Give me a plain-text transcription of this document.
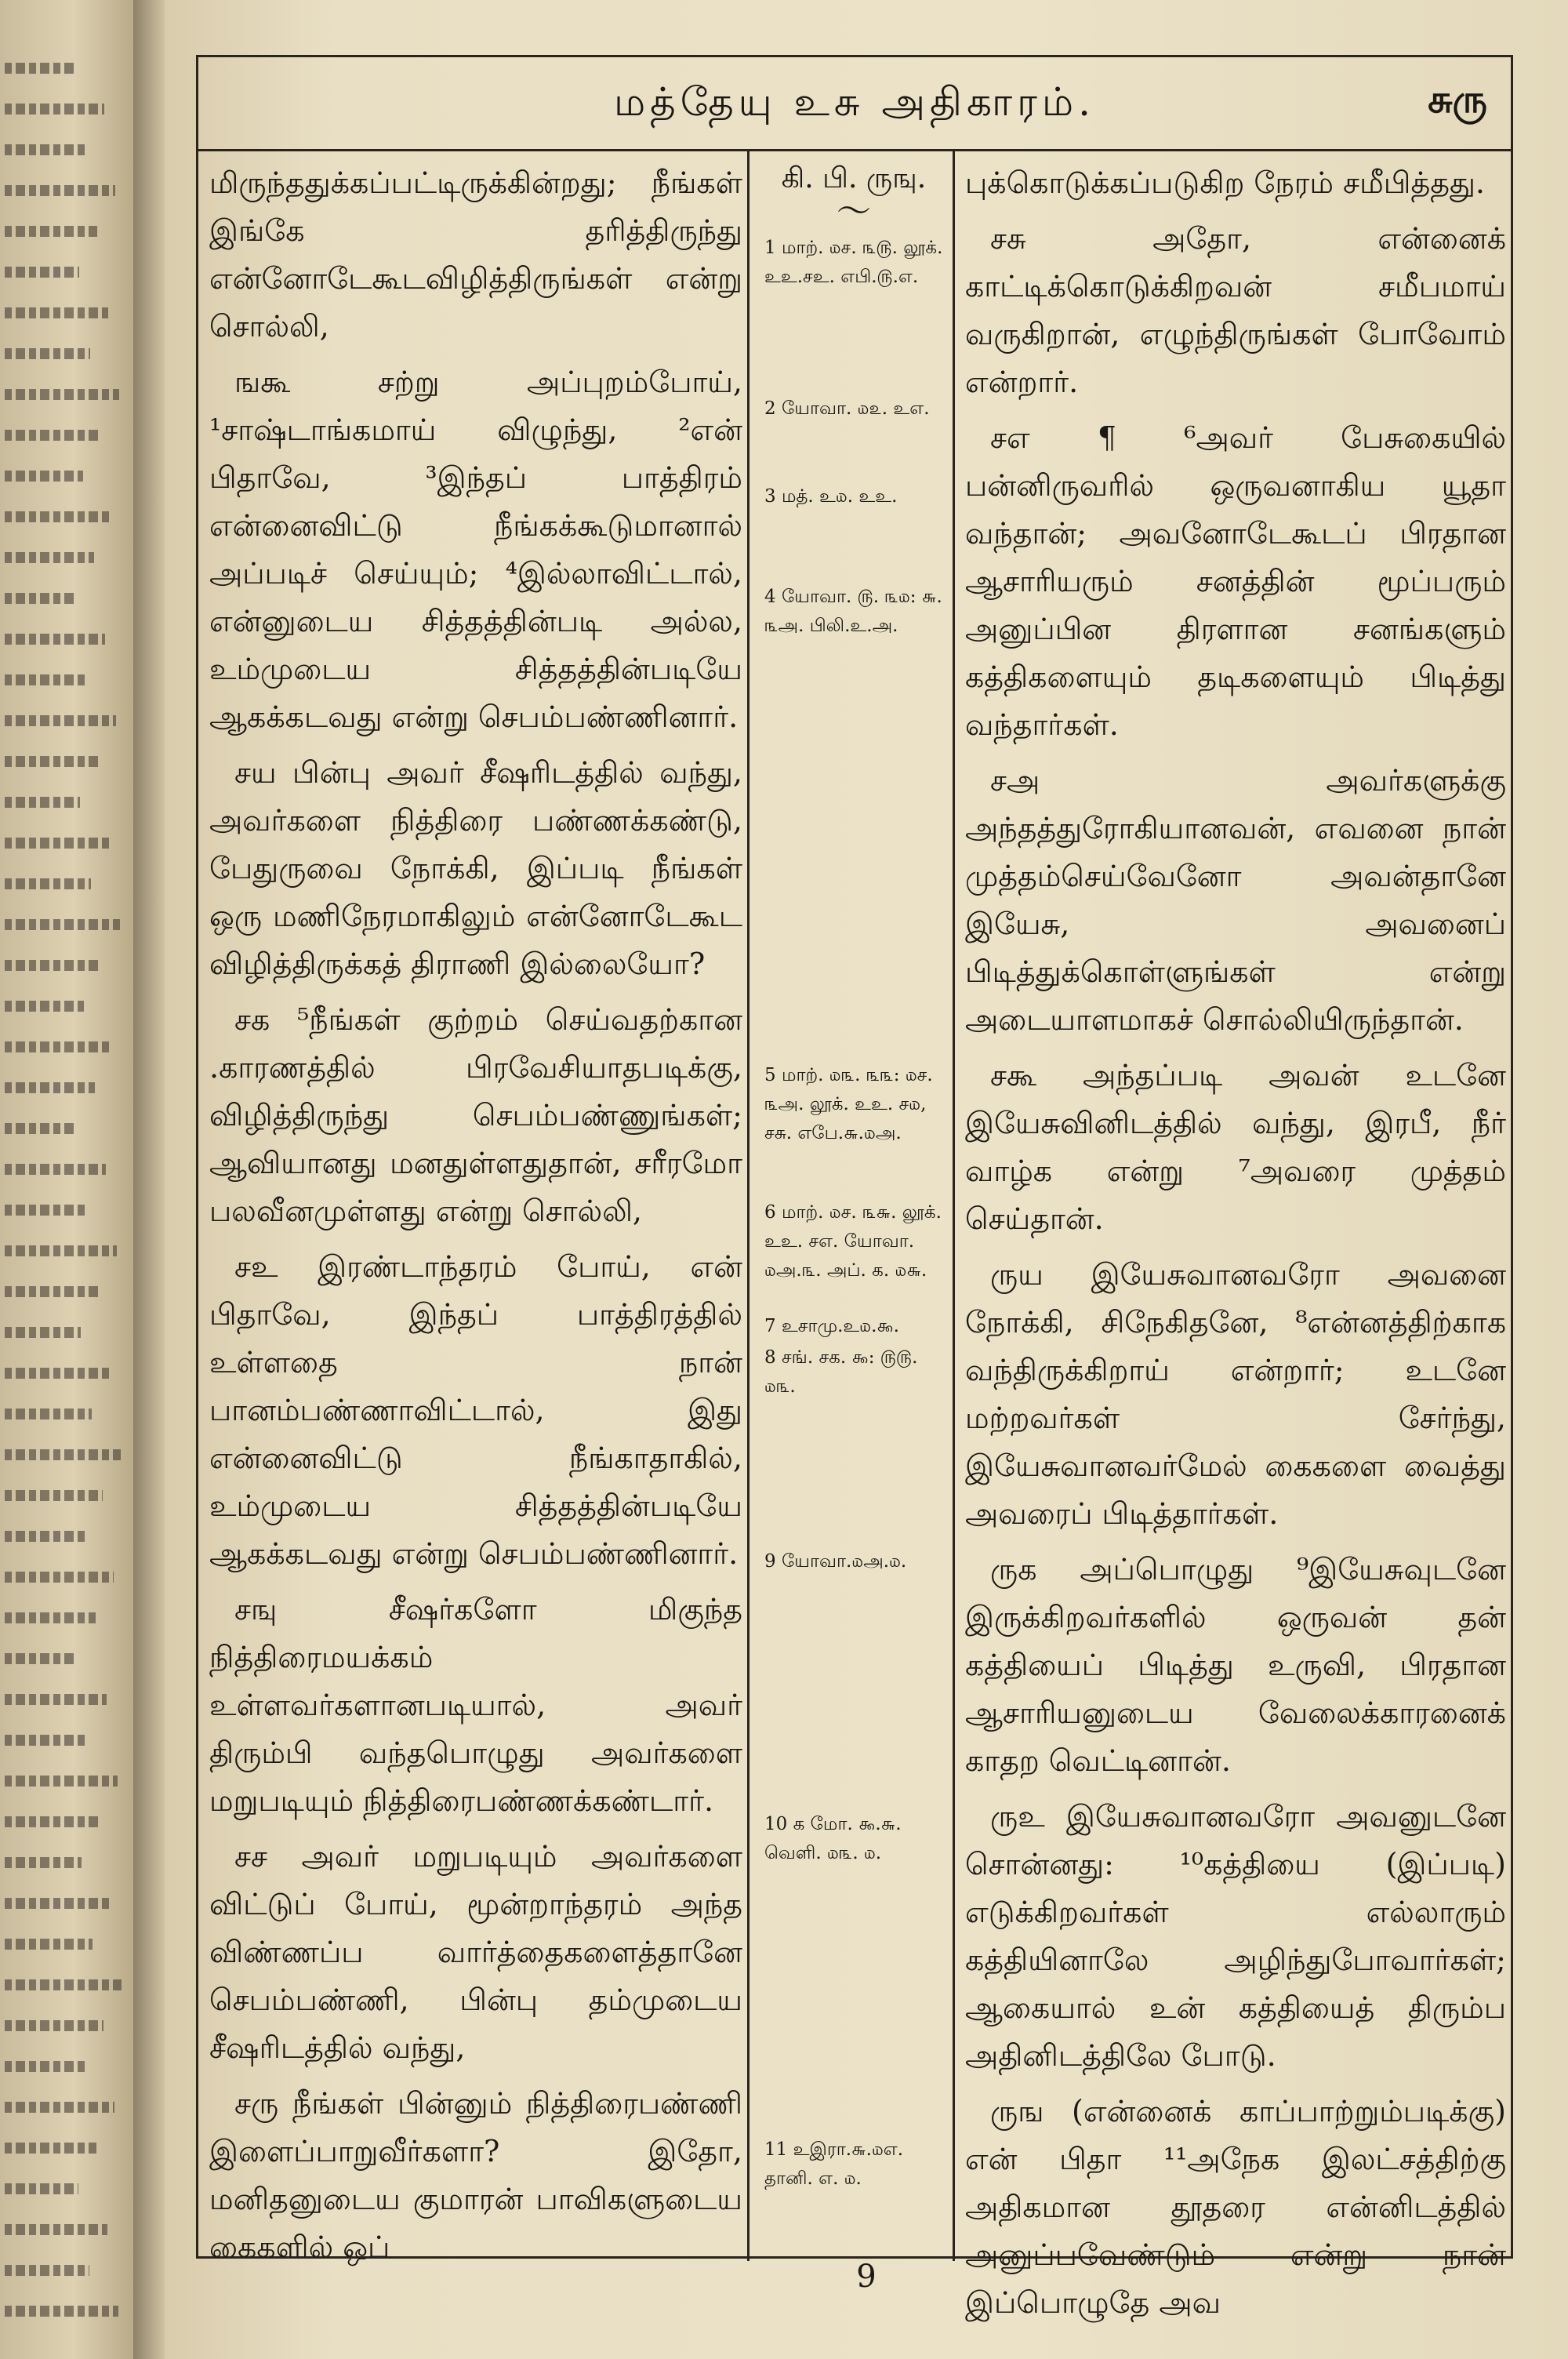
மத்தேயு உசு அதிகாரம்.	சுரு

மிருந்ததுக்கப்பட்டிருக்கின்றது; நீங்கள் இங்கே தரித்திருந்து என்னோடேகூடவிழித்திருங்கள் என்று சொல்லி,

ஙகூ சற்று அப்புறம்போய், ¹சாஷ்டாங்கமாய் விழுந்து, ²என் பிதாவே, ³இந்தப் பாத்திரம் என்னைவிட்டு நீங்கக்கூடுமானால் அப்படிச் செய்யும்; ⁴இல்லாவிட்டால், என்னுடைய சித்தத்தின்படி அல்ல, உம்முடைய சித்தத்தின்படியே ஆகக்கடவது என்று செபம்பண்ணினார்.

சய பின்பு அவர் சீஷரிடத்தில் வந்து, அவர்களை நித்திரை பண்ணக்கண்டு, பேதுருவை நோக்கி, இப்படி நீங்கள் ஒரு மணிநேரமாகிலும் என்னோடேகூட விழித்திருக்கத் திராணி இல்லையோ?

சக ⁵நீங்கள் குற்றம் செய்வதற்கான .காரணத்தில் பிரவேசியாதபடிக்கு, விழித்திருந்து செபம்பண்ணுங்கள்; ஆவியானது மனதுள்ளதுதான், சரீரமோ பலவீனமுள்ளது என்று சொல்லி,

சஉ இரண்டாந்தரம் போய், என் பிதாவே, இந்தப் பாத்திரத்தில் உள்ளதை நான் பானம்பண்ணாவிட்டால், இது என்னைவிட்டு நீங்காதாகில், உம்முடைய சித்தத்தின்படியே ஆகக்கடவது என்று செபம்பண்ணினார்.

சஙு சீஷர்களோ மிகுந்த நித்திரைமயக்கம் உள்ளவர்களானபடியால், அவர் திரும்பி வந்தபொழுது அவர்களை மறுபடியும் நித்திரைபண்ணக்கண்டார்.

சச அவர் மறுபடியும் அவர்களை விட்டுப் போய், மூன்றாந்தரம் அந்த விண்ணப்ப வார்த்தைகளைத்தானே செபம்பண்ணி, பின்பு தம்முடைய சீஷரிடத்தில் வந்து,

சரு நீங்கள் பின்னும் நித்திரைபண்ணி இளைப்பாறுவீர்களா? இதோ, மனிதனுடைய குமாரன் பாவிகளுடைய கைகளில் ஒப்

கி. பி. ருஙு.
〜
1 மாற். ௰ச. ௩௫. லூக். உஉ.சஉ. எபி.௫.எ.
2 யோவா. ௰௨. உஎ.
3 மத். உ௰. உஉ.
4 யோவா. ௫. ௩௰: ௬. ௩அ. பிலி.உ.அ.
5 மாற். ௰௩. ௩௩: ௰ச. ௩அ. லூக். உஉ. ச௰, சசு. எபே.௬.௰அ.
6 மாற். ௰ச. ௩௬. லூக். உஉ. சஎ. யோவா. ௰அ.௩. அப். க. ௰௬.
7 உசாமு.உ௰.௯.
8 சங். சக. ௯: ௫௫. ௰௩.
9 யோவா.௰அ.௰.
10 க மோ. ௯.௬. வெளி. ௰௩. ௰.
11 உஇரா.௬.௰எ. தானி. எ. ௰.

புக்கொடுக்கப்படுகிற நேரம் சமீபித்தது.

சசு அதோ, என்னைக் காட்டிக்கொடுக்கிறவன் சமீபமாய் வருகிறான், எழுந்திருங்கள் போவோம் என்றார்.

சஎ ¶ ⁶அவர் பேசுகையில் பன்னிருவரில் ஒருவனாகிய யூதா வந்தான்; அவனோடேகூடப் பிரதான ஆசாரியரும் சனத்தின் மூப்பரும் அனுப்பின திரளான சனங்களும் கத்திகளையும் தடிகளையும் பிடித்து வந்தார்கள்.

சஅ அவர்களுக்கு அந்தத்துரோகியானவன், எவனை நான் முத்தம்செய்வேனோ அவன்தானே இயேசு, அவனைப் பிடித்துக்கொள்ளுங்கள் என்று அடையாளமாகச் சொல்லியிருந்தான்.

சகூ அந்தப்படி அவன் உடனே இயேசுவினிடத்தில் வந்து, இரபீ, நீர் வாழ்க என்று ⁷அவரை முத்தம் செய்தான்.

ருய இயேசுவானவரோ அவனை நோக்கி, சிநேகிதனே, ⁸என்னத்திற்காக வந்திருக்கிறாய் என்றார்; உடனே மற்றவர்கள் சேர்ந்து, இயேசுவானவர்மேல் கைகளை வைத்து அவரைப் பிடித்தார்கள்.

ருக அப்பொழுது ⁹இயேசுவுடனே இருக்கிறவர்களில் ஒருவன் தன் கத்தியைப் பிடித்து உருவி, பிரதான ஆசாரியனுடைய வேலைக்காரனைக் காதற வெட்டினான்.

ருஉ இயேசுவானவரோ அவனுடனே சொன்னது: ¹⁰கத்தியை (இப்படி) எடுக்கிறவர்கள் எல்லாரும் கத்தியினாலே அழிந்துபோவார்கள்; ஆகையால் உன் கத்தியைத் திரும்ப அதினிடத்திலே போடு.

ருங (என்னைக் காப்பாற்றும்படிக்கு) என் பிதா ¹¹அநேக இலட்சத்திற்கு அதிகமான தூதரை என்னிடத்தில் அனுப்பவேண்டும் என்று நான் இப்பொழுதே அவ

9
